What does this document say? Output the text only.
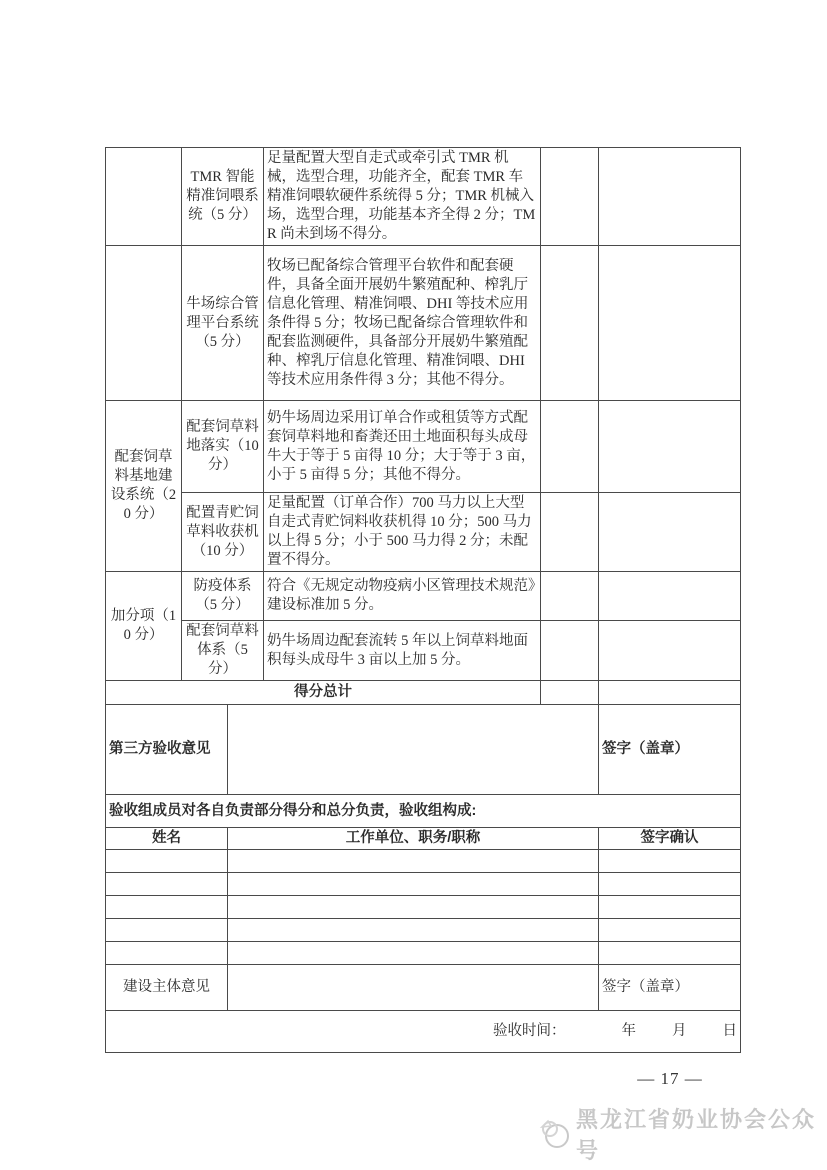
	TMR 智能精准饲喂系统（5 分）	足量配置大型自走式或牵引式 TMR 机械，选型合理，功能齐全，配套 TMR 车精准饲喂软硬件系统得 5 分；TMR 机械入场，选型合理，功能基本齐全得 2 分；TMR 尚未到场不得分。		
	牛场综合管理平台系统（5 分）	牧场已配备综合管理平台软件和配套硬件，具备全面开展奶牛繁殖配种、榨乳厅信息化管理、精准饲喂、DHI 等技术应用条件得 5 分；牧场已配备综合管理软件和配套监测硬件，具备部分开展奶牛繁殖配种、榨乳厅信息化管理、精准饲喂、DHI 等技术应用条件得 3 分；其他不得分。		
配套饲草料基地建设系统（20 分）	配套饲草料地落实（10 分）	奶牛场周边采用订单合作或租赁等方式配套饲草料地和畜粪还田土地面积每头成母牛大于等于 5 亩得 10 分；大于等于 3 亩，小于 5 亩得 5 分；其他不得分。		
	配置青贮饲草料收获机（10 分）	足量配置（订单合作）700 马力以上大型自走式青贮饲料收获机得 10 分；500 马力以上得 5 分；小于 500 马力得 2 分；未配置不得分。		
加分项（10 分）	防疫体系（5 分）	符合《无规定动物疫病小区管理技术规范》建设标准加 5 分。		
	配套饲草料体系（5 分）	奶牛场周边配套流转 5 年以上饲草料地面积每头成母牛 3 亩以上加 5 分。		
得分总计				
第三方验收意见		签字（盖章）
验收组成员对各自负责部分得分和总分负责，验收组构成:		
姓名	工作单位、职务/职称	签字确认

建设主体意见		签字（盖章）
验收时间： 年 月 日		
— 17 —
黑龙江省奶业协会公众号
